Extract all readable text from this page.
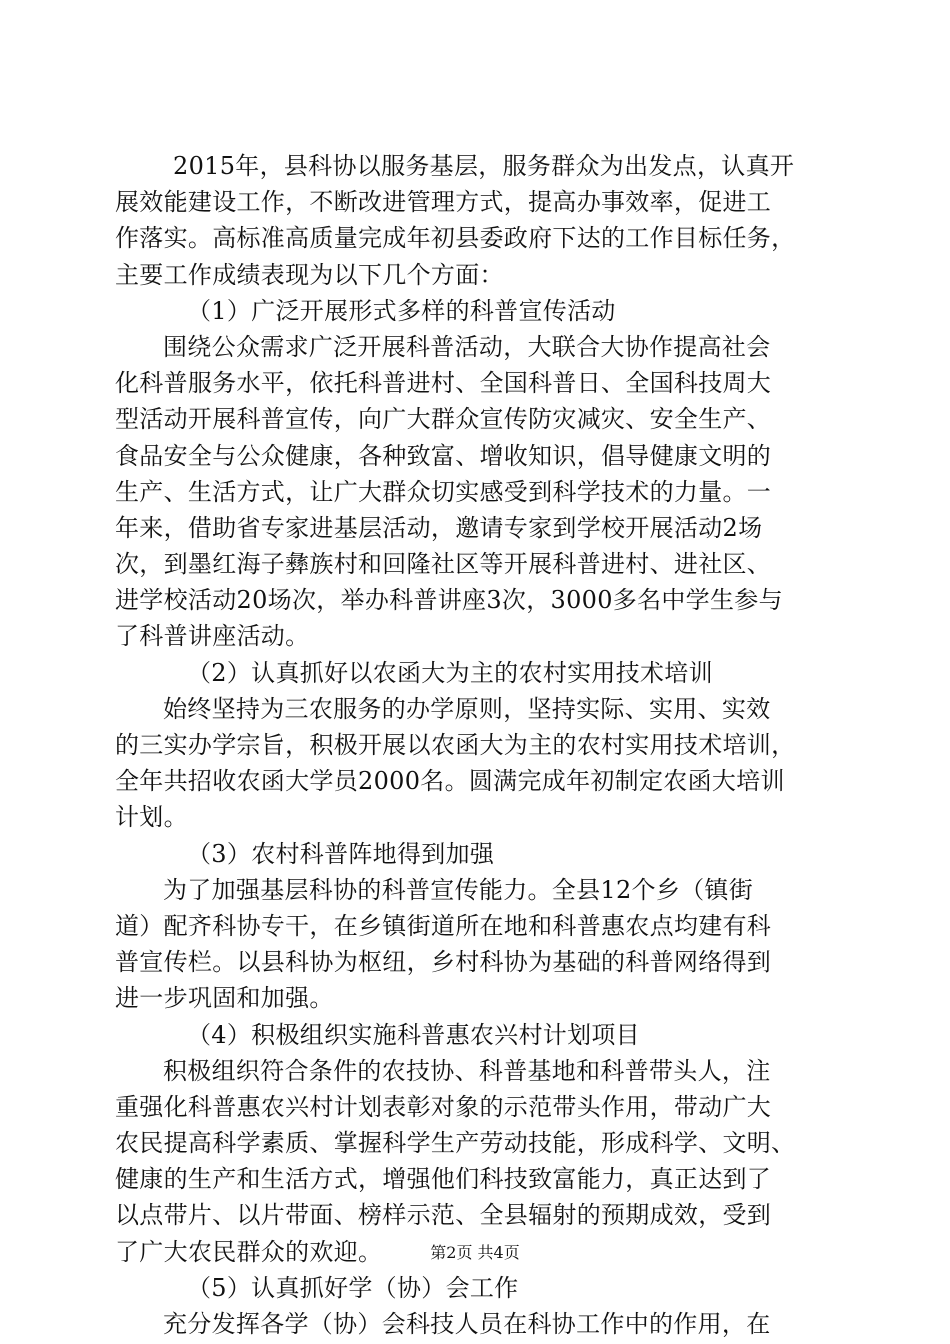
2015年，县科协以服务基层，服务群众为出发点，认真开
展效能建设工作，不断改进管理方式，提高办事效率，促进工
作落实。高标准高质量完成年初县委政府下达的工作目标任务，
主要工作成绩表现为以下几个方面：
（1）广泛开展形式多样的科普宣传活动
围绕公众需求广泛开展科普活动，大联合大协作提高社会
化科普服务水平，依托科普进村、全国科普日、全国科技周大
型活动开展科普宣传，向广大群众宣传防灾减灾、安全生产、
食品安全与公众健康，各种致富、增收知识，倡导健康文明的
生产、生活方式，让广大群众切实感受到科学技术的力量。一
年来，借助省专家进基层活动，邀请专家到学校开展活动2场
次，到墨红海子彝族村和回隆社区等开展科普进村、进社区、
进学校活动20场次，举办科普讲座3次，3000多名中学生参与
了科普讲座活动。
（2）认真抓好以农函大为主的农村实用技术培训
始终坚持为三农服务的办学原则，坚持实际、实用、实效
的三实办学宗旨，积极开展以农函大为主的农村实用技术培训，
全年共招收农函大学员2000名。圆满完成年初制定农函大培训
计划。
（3）农村科普阵地得到加强
为了加强基层科协的科普宣传能力。全县12个乡（镇街
道）配齐科协专干，在乡镇街道所在地和科普惠农点均建有科
普宣传栏。以县科协为枢纽，乡村科协为基础的科普网络得到
进一步巩固和加强。
（4）积极组织实施科普惠农兴村计划项目
积极组织符合条件的农技协、科普基地和科普带头人，注
重强化科普惠农兴村计划表彰对象的示范带头作用，带动广大
农民提高科学素质、掌握科学生产劳动技能，形成科学、文明、
健康的生产和生活方式，增强他们科技致富能力，真正达到了
以点带片、以片带面、榜样示范、全县辐射的预期成效，受到
了广大农民群众的欢迎。
（5）认真抓好学（协）会工作
充分发挥各学（协）会科技人员在科协工作中的作用，在
第2页 共4页
